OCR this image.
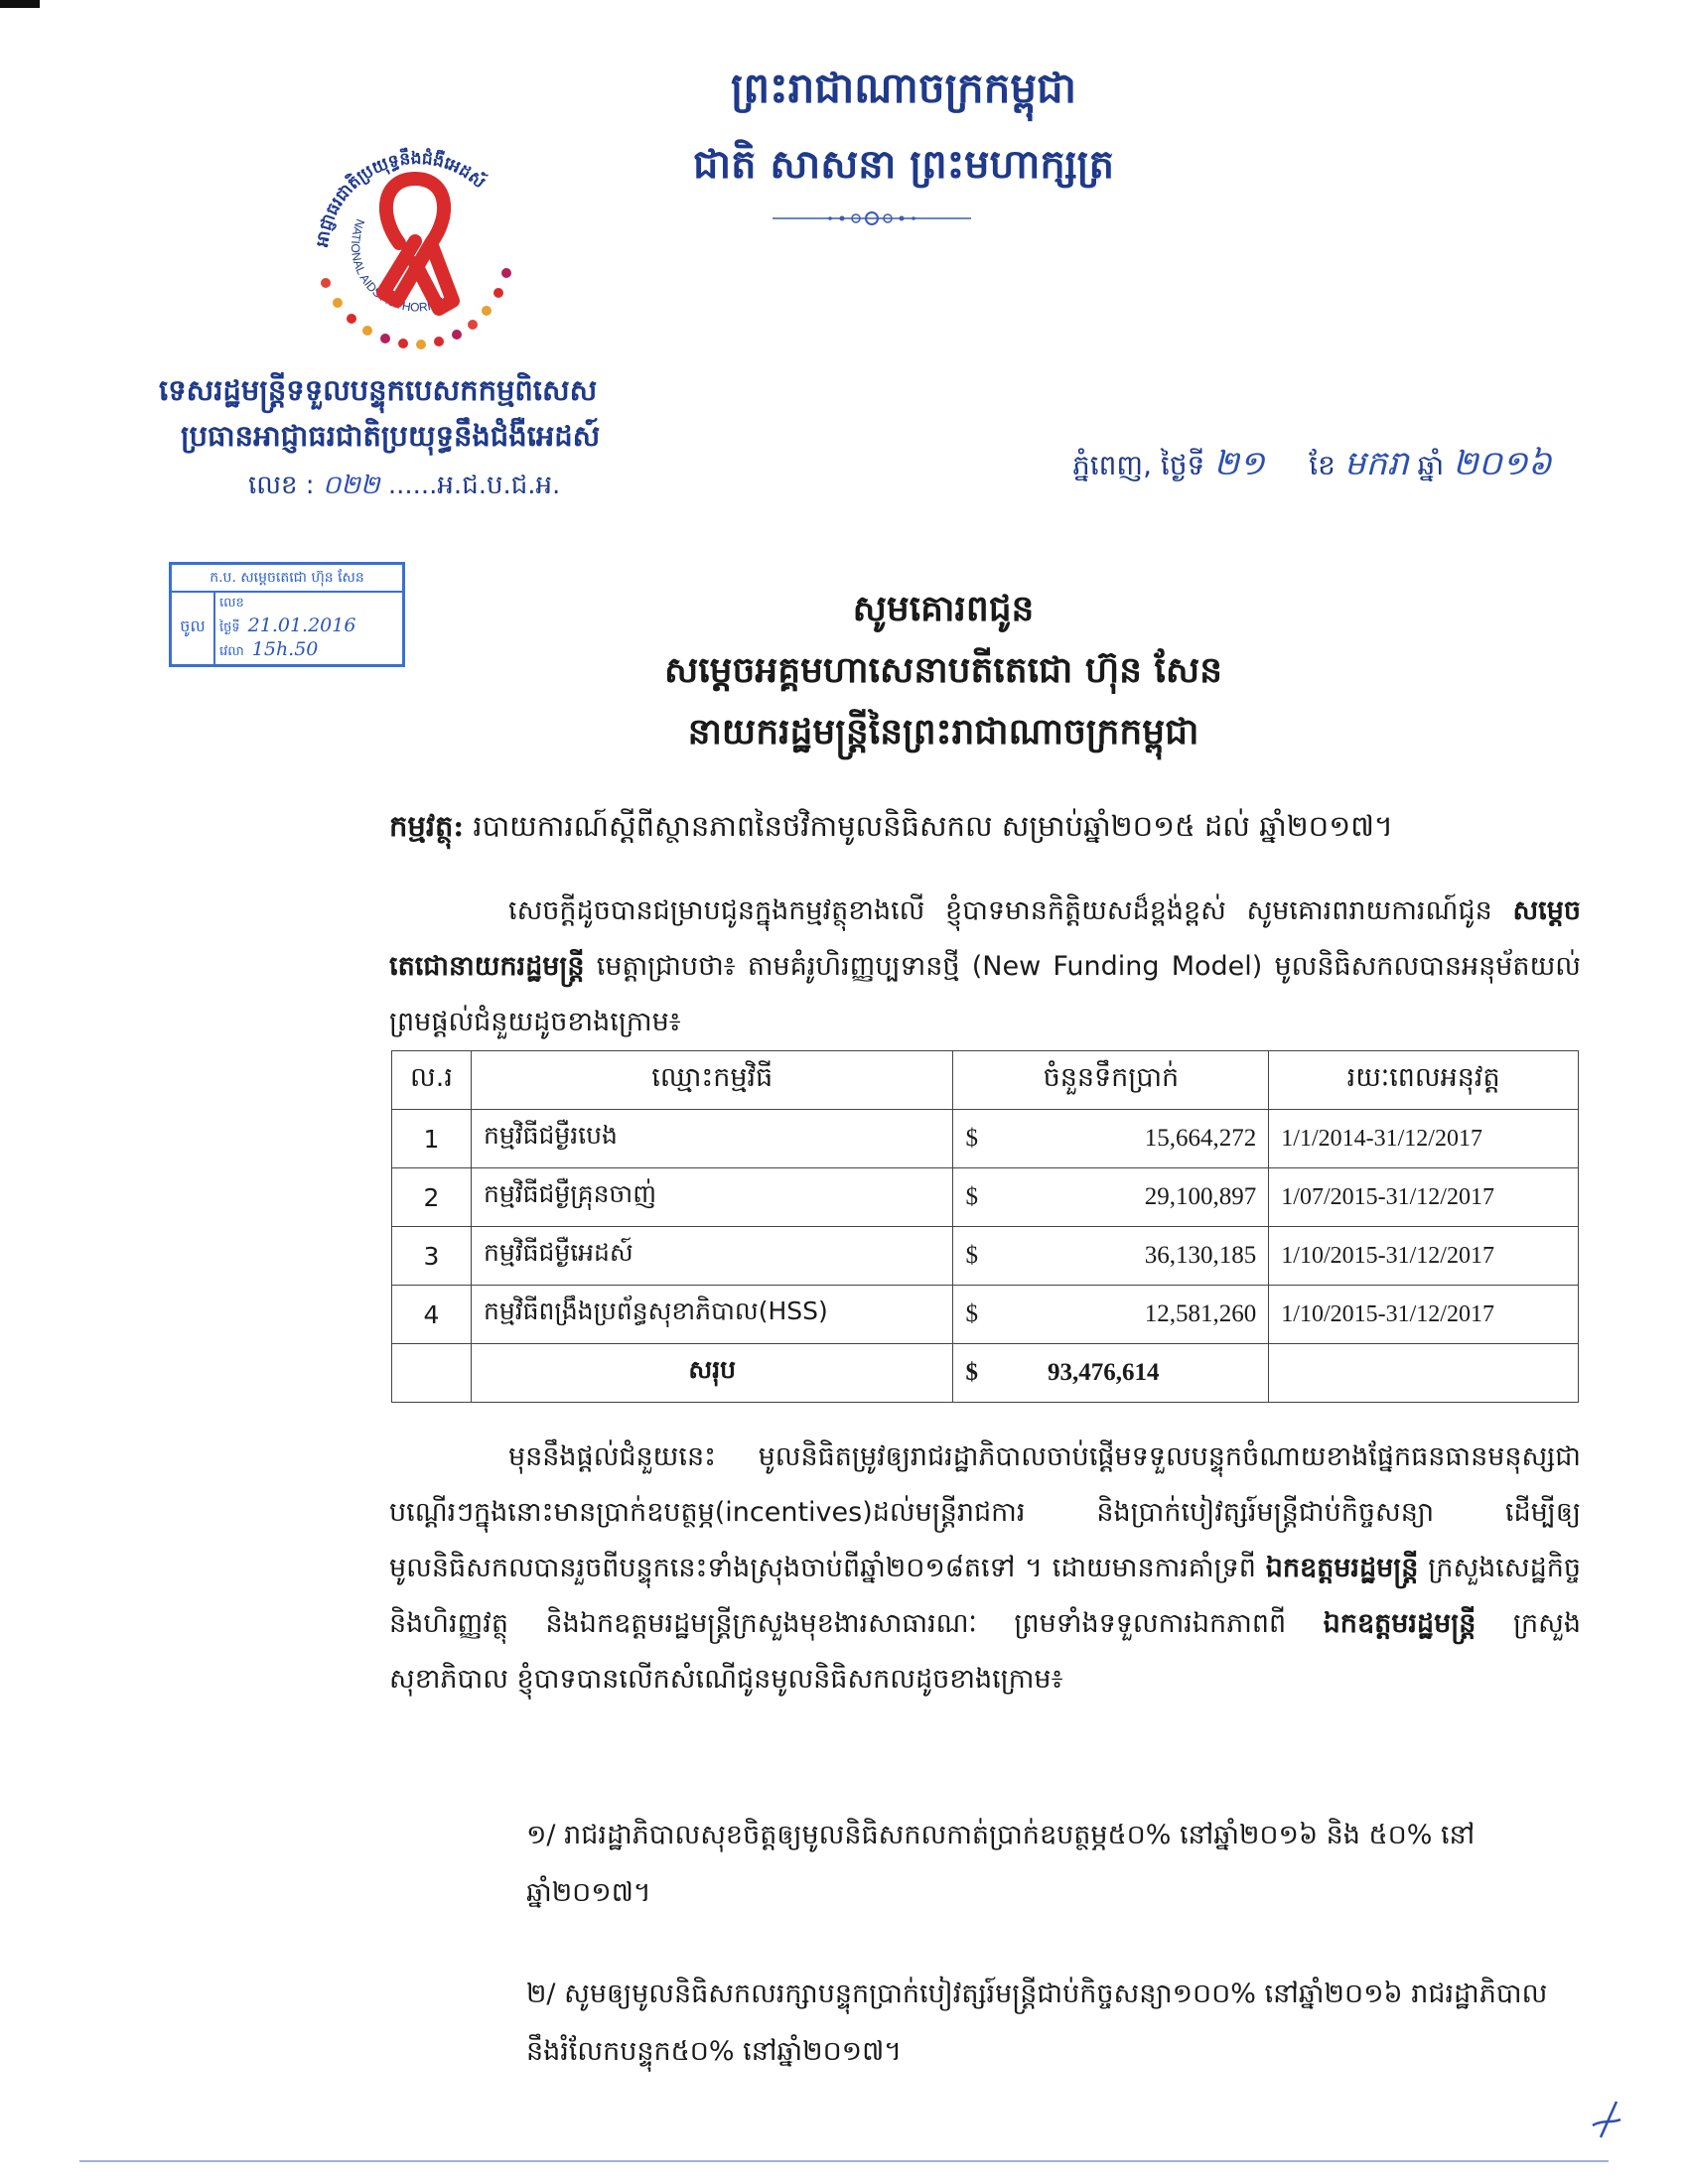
ព្រះរាជាណាចក្រកម្ពុជា
ជាតិ សាសនា ព្រះមហាក្សត្រ
អាជ្ញាធរជាតិប្រយុទ្ធនឹងជំងឺអេដស៍
NATIONAL AIDS AUTHORITY
ទេសរដ្ឋមន្ត្រីទទួលបន្ទុកបេសកកម្មពិសេស
ប្រធានអាជ្ញាធរជាតិប្រយុទ្ធនឹងជំងឺអេដស៍
លេខ : ០២២ ......អ.ជ.ប.ជ.អ.
ភ្នំពេញ, ថ្ងៃទី ២១ ខែ មករា ឆ្នាំ ២០១៦
ក.ប. សម្តេចតេជោ ហ៊ុន សែន
ចូល
លេខ
ថ្ងៃទី 21.01.2016
វេលា 15h.50
សូមគោរពជូន
សម្តេចអគ្គមហាសេនាបតីតេជោ ហ៊ុន សែន
នាយករដ្ឋមន្ត្រីនៃព្រះរាជាណាចក្រកម្ពុជា
កម្មវត្ថុ: របាយការណ៍ស្តីពីស្ថានភាពនៃថវិកាមូលនិធិសកល សម្រាប់ឆ្នាំ២០១៥ ដល់ ឆ្នាំ២០១៧។
សេចក្តីដូចបានជម្រាបជូនក្នុងកម្មវត្ថុខាងលើ ខ្ញុំបាទមានកិត្តិយសដ៏ខ្ពង់ខ្ពស់ សូមគោរពរាយការណ៍ជូន សម្តេចតេជោនាយករដ្ឋមន្ត្រី មេត្តាជ្រាបថា៖ តាមគំរូហិរញ្ញប្បទានថ្មី (New Funding Model) មូលនិធិសកលបានអនុម័តយល់ព្រមផ្តល់ជំនួយដូចខាងក្រោម៖
ល.រ	ឈ្មោះកម្មវិធី	ចំនួនទឹកប្រាក់	រយៈពេលអនុវត្ត
1	កម្មវិធីជម្ងឺរបេង	$ 15,664,272	1/1/2014-31/12/2017
2	កម្មវិធីជម្ងឺគ្រុនចាញ់	$ 29,100,897	1/07/2015-31/12/2017
3	កម្មវិធីជម្ងឺអេដស៍	$ 36,130,185	1/10/2015-31/12/2017
4	កម្មវិធីពង្រឹងប្រព័ន្ធសុខាភិបាល(HSS)	$ 12,581,260	1/10/2015-31/12/2017
	សរុប	$ 93,476,614	
មុននឹងផ្តល់ជំនួយនេះ មូលនិធិតម្រូវឲ្យរាជរដ្ឋាភិបាលចាប់ផ្តើមទទួលបន្ទុកចំណាយខាងផ្នែកធនធានមនុស្សជាបណ្តើរៗក្នុងនោះមានប្រាក់ឧបត្ថម្ភ(incentives)ដល់មន្ត្រីរាជការ និងប្រាក់បៀវត្សរ៍មន្ត្រីជាប់កិច្ចសន្យា ដើម្បីឲ្យមូលនិធិសកលបានរួចពីបន្ទុកនេះទាំងស្រុងចាប់ពីឆ្នាំ២០១៨តទៅ ។ ដោយមានការគាំទ្រពី ឯកឧត្តមរដ្ឋមន្ត្រី ក្រសួងសេដ្ឋកិច្ចនិងហិរញ្ញវត្ថុ និងឯកឧត្តមរដ្ឋមន្ត្រីក្រសួងមុខងារសាធារណៈ ព្រមទាំងទទួលការឯកភាពពី ឯកឧត្តមរដ្ឋមន្ត្រី ក្រសួងសុខាភិបាល ខ្ញុំបាទបានលើកសំណើជូនមូលនិធិសកលដូចខាងក្រោម៖
១/ រាជរដ្ឋាភិបាលសុខចិត្តឲ្យមូលនិធិសកលកាត់ប្រាក់ឧបត្ថម្ភ៥០% នៅឆ្នាំ២០១៦ និង ៥០% នៅឆ្នាំ២០១៧។
២/ សូមឲ្យមូលនិធិសកលរក្សាបន្ទុកប្រាក់បៀវត្សរ៍មន្ត្រីជាប់កិច្ចសន្យា១០០% នៅឆ្នាំ២០១៦ រាជរដ្ឋាភិបាលនឹងរំលែកបន្ទុក៥០% នៅឆ្នាំ២០១៧។
